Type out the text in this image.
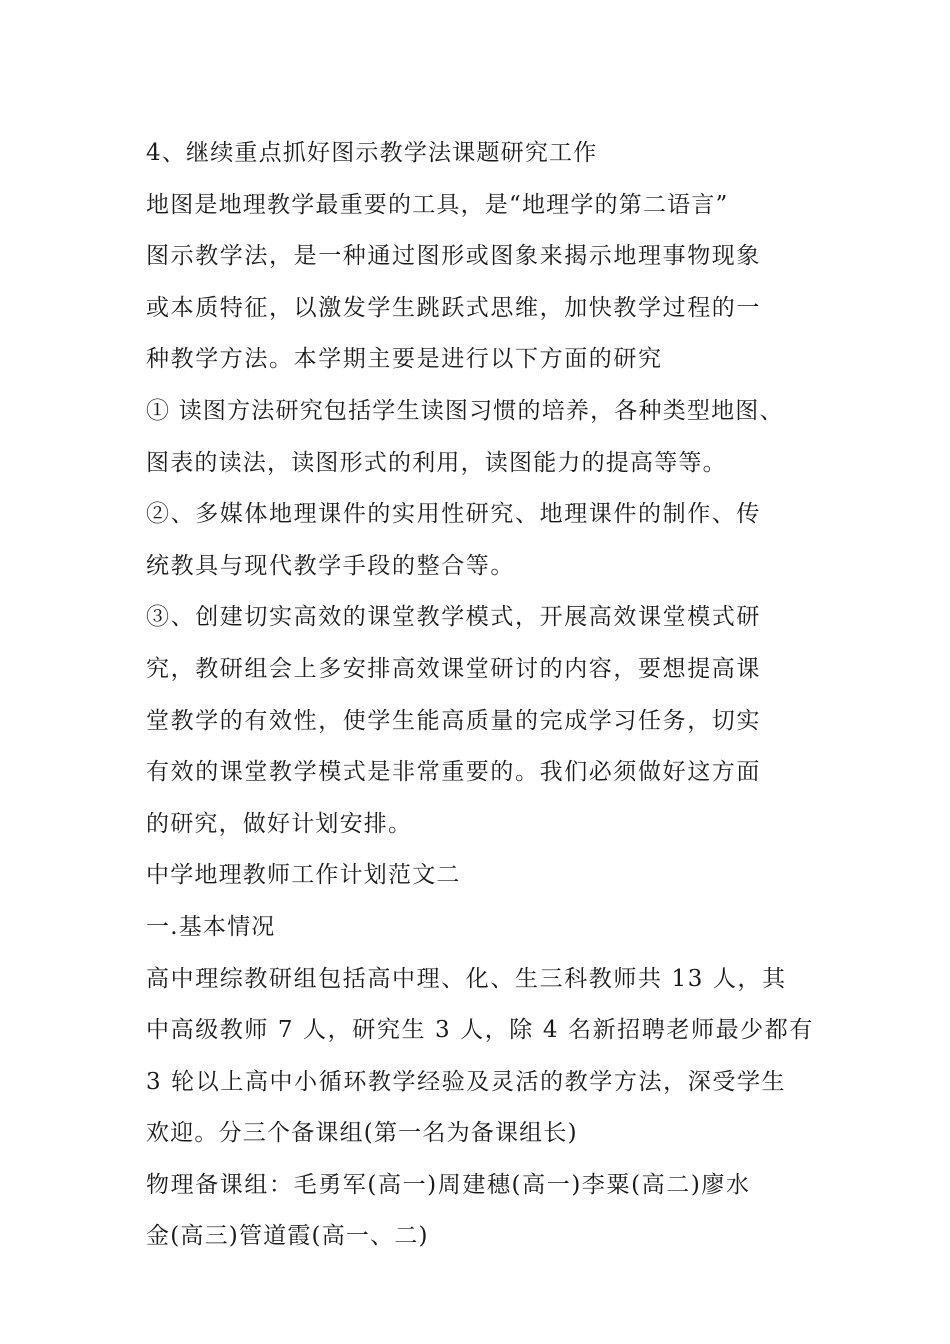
4、继续重点抓好图示教学法课题研究工作
地图是地理教学最重要的工具，是“地理学的第二语言”
图示教学法，是一种通过图形或图象来揭示地理事物现象
或本质特征，以激发学生跳跃式思维，加快教学过程的一
种教学方法。本学期主要是进行以下方面的研究
① 读图方法研究包括学生读图习惯的培养，各种类型地图、
图表的读法，读图形式的利用，读图能力的提高等等。
②、多媒体地理课件的实用性研究、地理课件的制作、传
统教具与现代教学手段的整合等。
③、创建切实高效的课堂教学模式，开展高效课堂模式研
究，教研组会上多安排高效课堂研讨的内容，要想提高课
堂教学的有效性，使学生能高质量的完成学习任务，切实
有效的课堂教学模式是非常重要的。我们必须做好这方面
的研究，做好计划安排。
中学地理教师工作计划范文二
一.基本情况
高中理综教研组包括高中理、化、生三科教师共 13 人，其
中高级教师 7 人，研究生 3 人，除 4 名新招聘老师最少都有
3 轮以上高中小循环教学经验及灵活的教学方法，深受学生
欢迎。分三个备课组(第一名为备课组长)
物理备课组：毛勇军(高一)周建穗(高一)李粟(高二)廖水
金(高三)管道霞(高一、二)
